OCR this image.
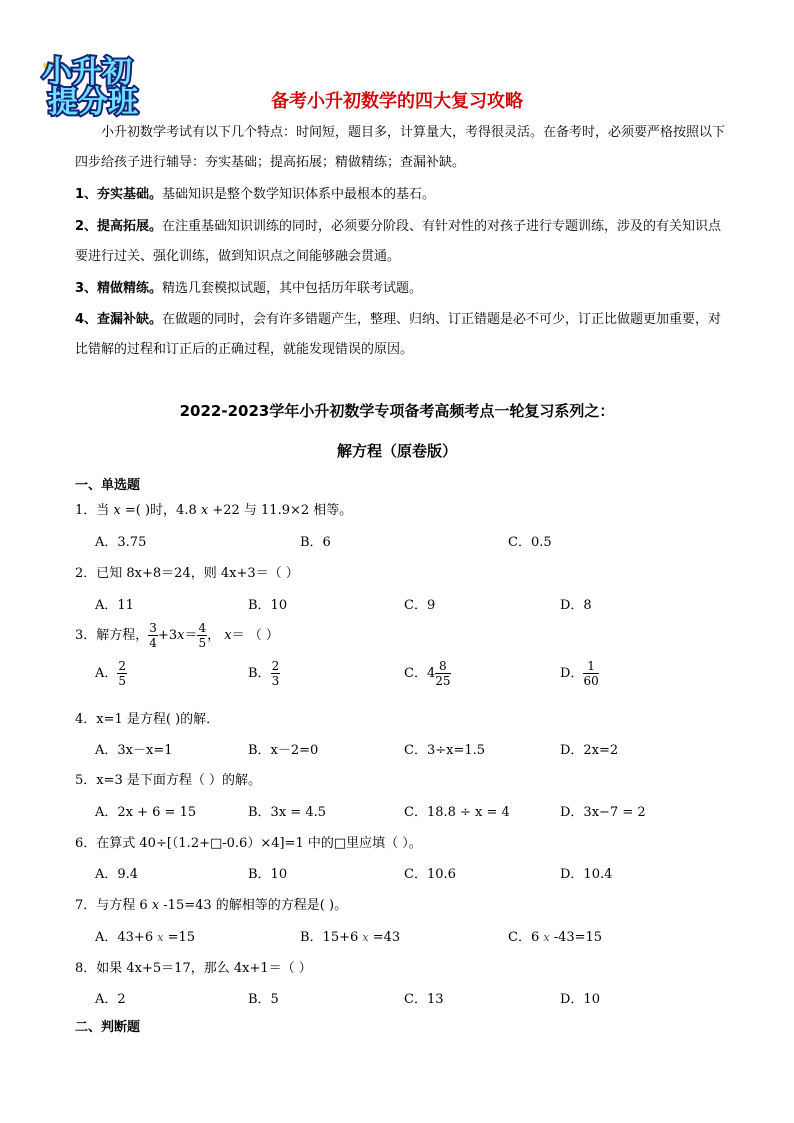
小升初
提分班	备考小升初数学的四大复习攻略
小升初数学考试有以下几个特点：时间短，题目多，计算量大，考得很灵活。在备考时，必须要严格按照以下四步给孩子进行辅导：夯实基础；提高拓展；精做精练；查漏补缺。
1、夯实基础。基础知识是整个数学知识体系中最根本的基石。
2、提高拓展。在注重基础知识训练的同时，必须要分阶段、有针对性的对孩子进行专题训练，涉及的有关知识点要进行过关、强化训练，做到知识点之间能够融会贯通。
3、精做精练。精选几套模拟试题，其中包括历年联考试题。
4、查漏补缺。在做题的同时，会有许多错题产生，整理、归纳、订正错题是必不可少，订正比做题更加重要，对比错解的过程和订正后的正确过程，就能发现错误的原因。
2022-2023学年小升初数学专项备考高频考点一轮复习系列之：
解方程（原卷版）
一、单选题
1．当 x =( )时，4.8 x +22 与 11.9×2 相等。
A．3.75	B．6	C．0.5
2．已知 8x+8＝24，则 4x+3＝（ ）
A．11	B．10	C．9	D．8
3．解方程， $\frac{3}{4} +3x= \frac{4}{5}$ ， x＝ （ ）
A． $\frac{2}{5}$	B． $\frac{2}{3}$	C．$4 \frac{8}{25}$	D． $\frac{1}{60}$
4．x=1 是方程( )的解．
A．3x－x=1	B．x－2=0	C．3÷x=1.5	D．2x=2
5．x=3 是下面方程（ ）的解。
A．2x + 6 = 15	B．3x = 4.5	C．18.8 ÷ x = 4	D．3x−7 = 2
6．在算式 40÷[（1.2+□-0.6）×4]=1 中的□里应填（ ）。
A．9.4	B．10	C．10.6	D．10.4
7．与方程 6 x -15=43 的解相等的方程是( )。
A．43+6 x =15	B．15+6 x =43	C．6 x -43=15
8．如果 4x+5＝17，那么 4x+1＝（ ）
A．2	B．5	C．13	D．10
二、判断题
